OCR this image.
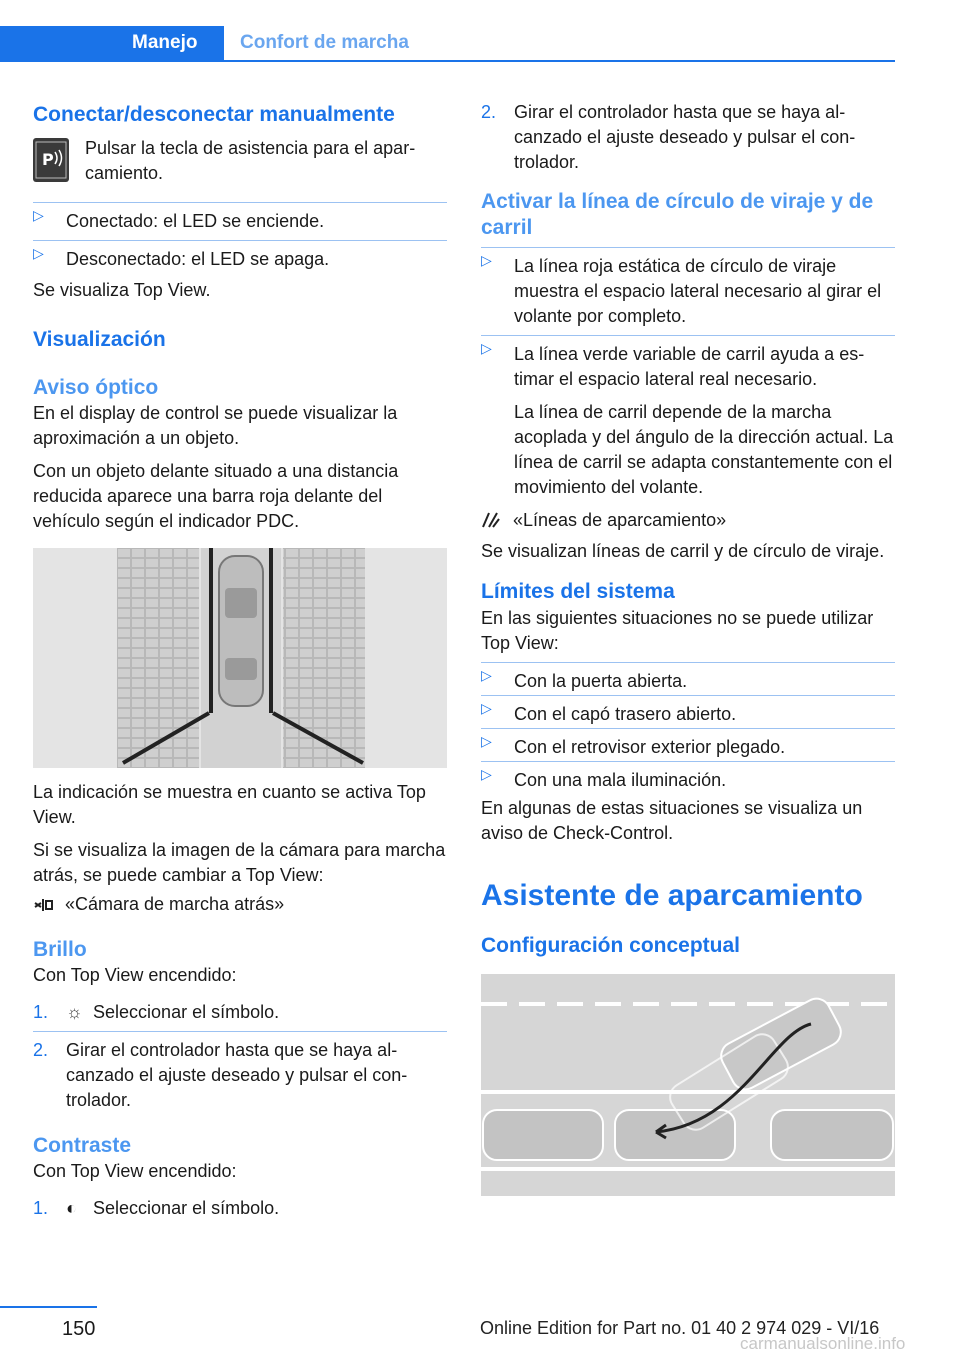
Manejo Confort de marcha
Conectar/desconectar manualmente
P
Pulsar la tecla de asistencia para el aparcamiento.
▷ Conectado: el LED se enciende.
▷ Desconectado: el LED se apaga.

Se visualiza Top View.

Visualización
Aviso óptico

En el display de control se puede visualizar la aproximación a un objeto.

Con un objeto delante situado a una distancia reducida aparece una barra roja delante del vehículo según el indicador PDC.

La indicación se muestra en cuanto se activa Top View.

Si se visualiza la imagen de la cámara para marcha atrás, se puede cambiar a Top View:

«Cámara de marcha atrás»
Brillo

Con Top View encendido:

1. ☼ Seleccionar el símbolo.
2. Girar el controlador hasta que se haya alcanzado el ajuste deseado y pulsar el controlador.
Contraste

Con Top View encendido:

1. ◐ Seleccionar el símbolo.
2. Girar el controlador hasta que se haya alcanzado el ajuste deseado y pulsar el controlador.
Activar la línea de círculo de viraje y de carril
▷ La línea roja estática de círculo de viraje muestra el espacio lateral necesario al girar el volante por completo.
▷ La línea verde variable de carril ayuda a estimar el espacio lateral real necesario.
La línea de carril depende de la marcha acoplada y del ángulo de la dirección actual. La línea de carril se adapta constantemente con el movimiento del volante.
«Líneas de aparcamiento»

Se visualizan líneas de carril y de círculo de viraje.

Límites del sistema

En las siguientes situaciones no se puede utilizar Top View:

▷ Con la puerta abierta.
▷ Con el capó trasero abierto.
▷ Con el retrovisor exterior plegado.
▷ Con una mala iluminación.

En algunas de estas situaciones se visualiza un aviso de Check-Control.

Asistente de aparcamiento
Configuración conceptual
150	Online Edition for Part no. 01 40 2 974 029 - VI/16
carmanualsonline.info
